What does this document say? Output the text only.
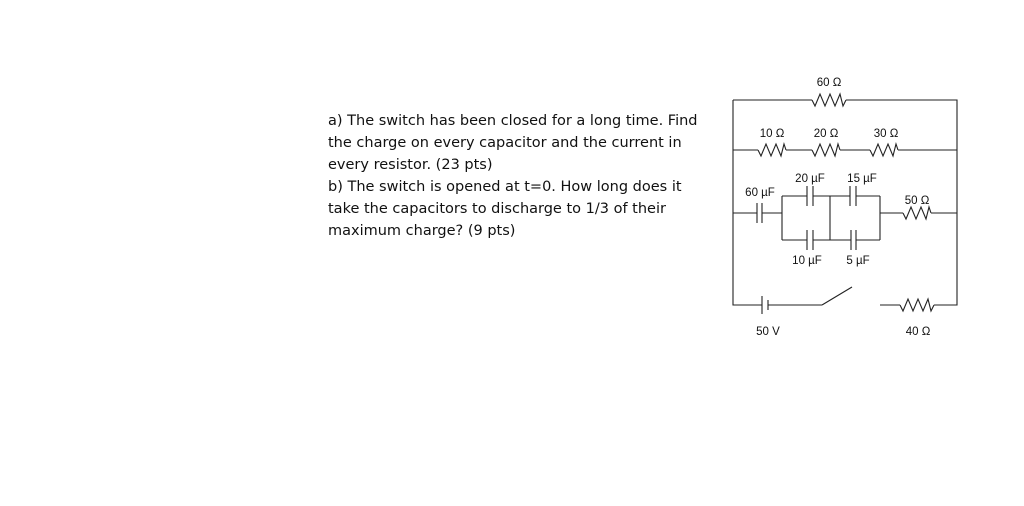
a) The switch has been closed for a long time. Find the charge on every capacitor and the current in every resistor. (23 pts)

b) The switch is opened at t=0. How long does it take the capacitors to discharge to 1/3 of their maximum charge? (9 pts)

60 Ω
10 Ω	20 Ω	30 Ω
60 µF
20 µF 15 µF
10 µF 5 µF
50 Ω
50 V	40 Ω
